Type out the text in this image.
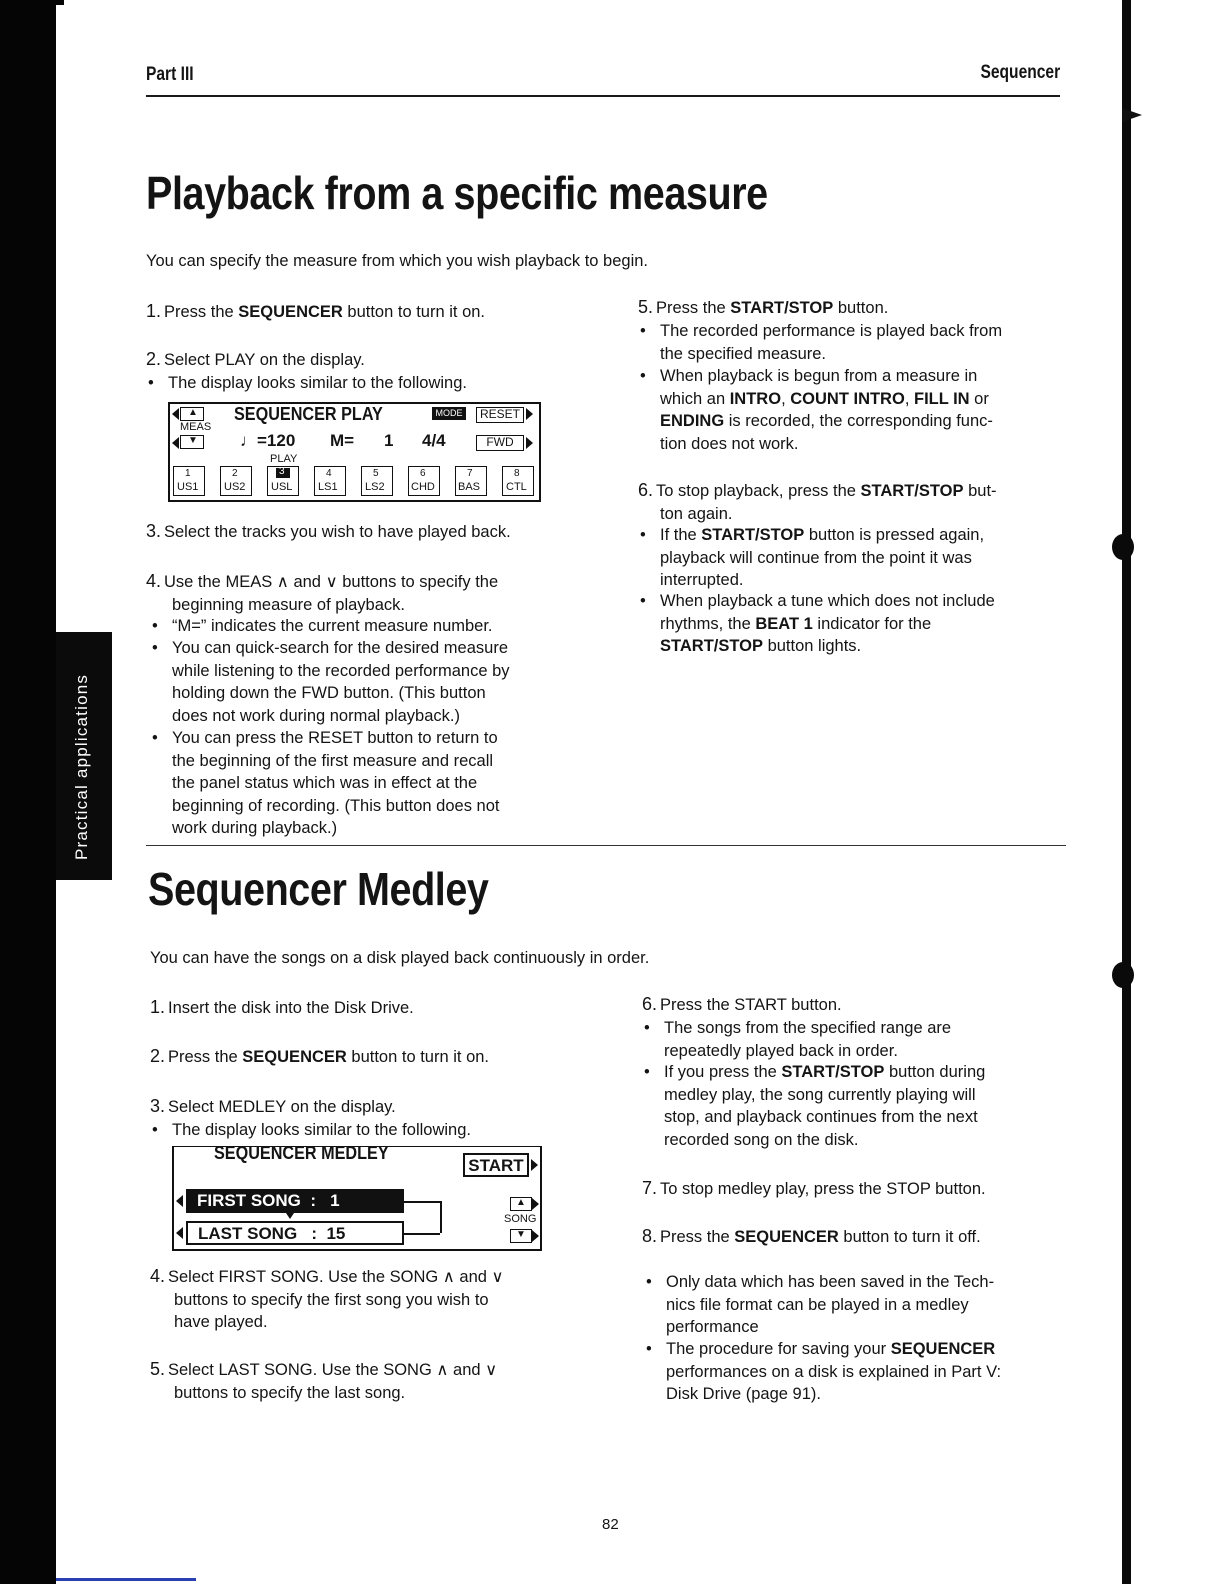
Practical applications
Part III	Sequencer
Playback from a specific measure
You can specify the measure from which you wish playback to begin.
1. Press the SEQUENCER button to turn it on.
2. Select PLAY on the display.
• The display looks similar to the following.
▲
MEAS
▼
SEQUENCER PLAY	MODE	RESET
♩=120 M= 1 4/4	FWD
PLAY
1
US1
2
US2
3
USL
4
LS1
5
LS2
6
CHD
7
BAS
8
CTL
3. Select the tracks you wish to have played back.
4. Use the MEAS ∧ and ∨ buttons to specify the
beginning measure of playback.
• “M=” indicates the current measure number.
• You can quick-search for the desired measure
while listening to the recorded performance by
holding down the FWD button. (This button
does not work during normal playback.)
• You can press the RESET button to return to
the beginning of the first measure and recall
the panel status which was in effect at the
beginning of recording. (This button does not
work during playback.)
5. Press the START/STOP button.
• The recorded performance is played back from
the specified measure.
• When playback is begun from a measure in
which an INTRO, COUNT INTRO, FILL IN or
ENDING is recorded, the corresponding func-
tion does not work.
6. To stop playback, press the START/STOP but-
ton again.
• If the START/STOP button is pressed again,
playback will continue from the point it was
interrupted.
• When playback a tune which does not include
rhythms, the BEAT 1 indicator for the
START/STOP button lights.
Sequencer Medley
You can have the songs on a disk played back continuously in order.
1. Insert the disk into the Disk Drive.
2. Press the SEQUENCER button to turn it on.
3. Select MEDLEY on the display.
• The display looks similar to the following.
SEQUENCER MEDLEY
START
FIRST SONG  :   1
LAST SONG   :  15
▲
SONG
▼
4. Select FIRST SONG. Use the SONG ∧ and ∨
buttons to specify the first song you wish to
have played.
5. Select LAST SONG. Use the SONG ∧ and ∨
buttons to specify the last song.
6. Press the START button.
• The songs from the specified range are
repeatedly played back in order.
• If you press the START/STOP button during
medley play, the song currently playing will
stop, and playback continues from the next
recorded song on the disk.
7. To stop medley play, press the STOP button.
8. Press the SEQUENCER button to turn it off.
• Only data which has been saved in the Tech-
nics file format can be played in a medley
performance
• The procedure for saving your SEQUENCER
performances on a disk is explained in Part V:
Disk Drive (page 91).
82
